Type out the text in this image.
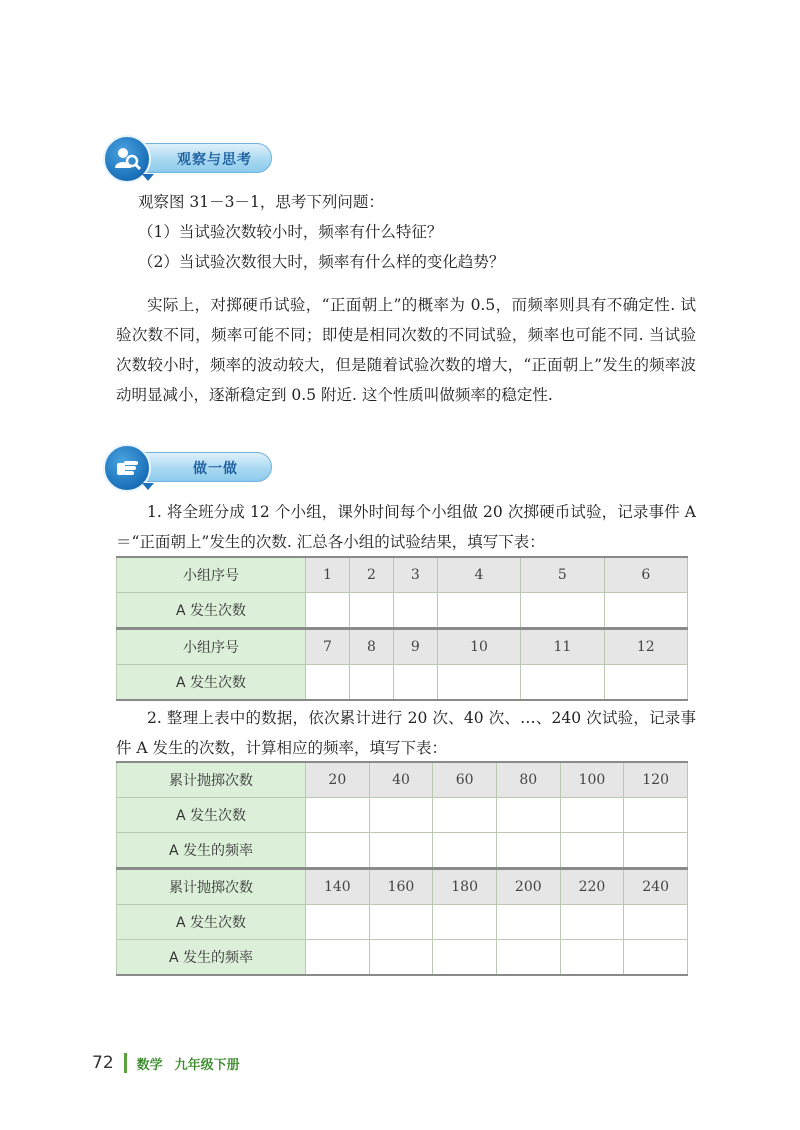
观察与思考

观察图 31－3－1，思考下列问题：

（1）当试验次数较小时，频率有什么特征？

（2）当试验次数很大时，频率有什么样的变化趋势？

实际上，对掷硬币试验，“正面朝上”的概率为 0.5，而频率则具有不确定性. 试验次数不同，频率可能不同；即使是相同次数的不同试验，频率也可能不同. 当试验次数较小时，频率的波动较大，但是随着试验次数的增大，“正面朝上”发生的频率波动明显减小，逐渐稳定到 0.5 附近. 这个性质叫做频率的稳定性.

做一做

1. 将全班分成 12 个小组，课外时间每个小组做 20 次掷硬币试验，记录事件 A＝“正面朝上”发生的次数. 汇总各小组的试验结果，填写下表：

小组序号	1	2	3	4	5	6
A 发生次数						
小组序号	7	8	9	10	11	12
A 发生次数						

2. 整理上表中的数据，依次累计进行 20 次、40 次、…、240 次试验，记录事件 A 发生的次数，计算相应的频率，填写下表：

累计抛掷次数	20	40	60	80	100	120
A 发生次数						
A 发生的频率						
累计抛掷次数	140	160	180	200	220	240
A 发生次数						
A 发生的频率						
72 数学 九年级下册
